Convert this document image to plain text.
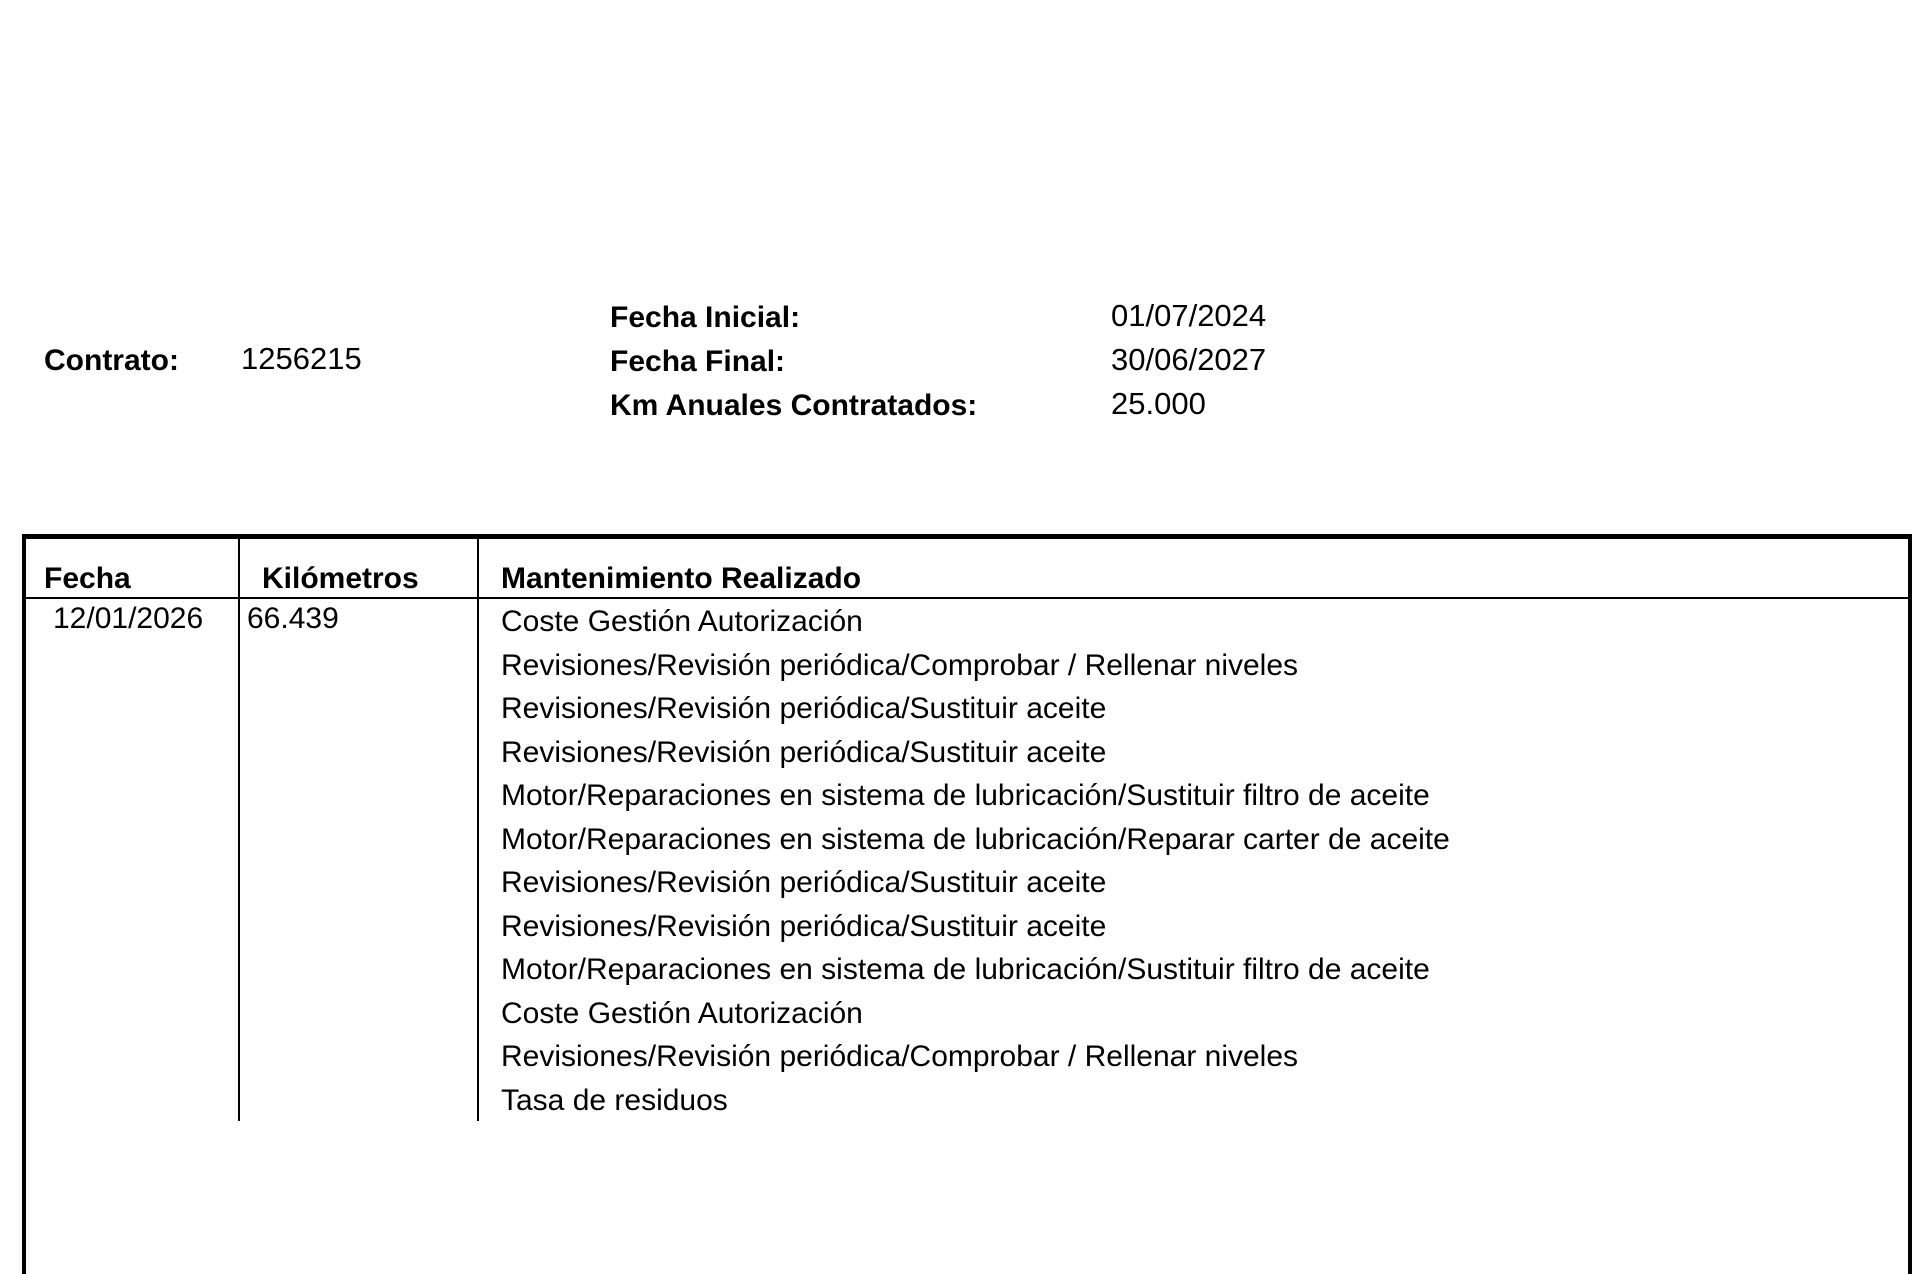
Contrato: 1256215
Fecha Inicial:	01/07/2024
Fecha Final:	30/06/2027
Km Anuales Contratados:	25.000
Fecha	Kilómetros	Mantenimiento Realizado
12/01/2026 66.439	Coste Gestión Autorización
Revisiones/Revisión periódica/Comprobar / Rellenar niveles
Revisiones/Revisión periódica/Sustituir aceite
Revisiones/Revisión periódica/Sustituir aceite
Motor/Reparaciones en sistema de lubricación/Sustituir filtro de aceite
Motor/Reparaciones en sistema de lubricación/Reparar carter de aceite
Revisiones/Revisión periódica/Sustituir aceite
Revisiones/Revisión periódica/Sustituir aceite
Motor/Reparaciones en sistema de lubricación/Sustituir filtro de aceite
Coste Gestión Autorización
Revisiones/Revisión periódica/Comprobar / Rellenar niveles
Tasa de residuos
